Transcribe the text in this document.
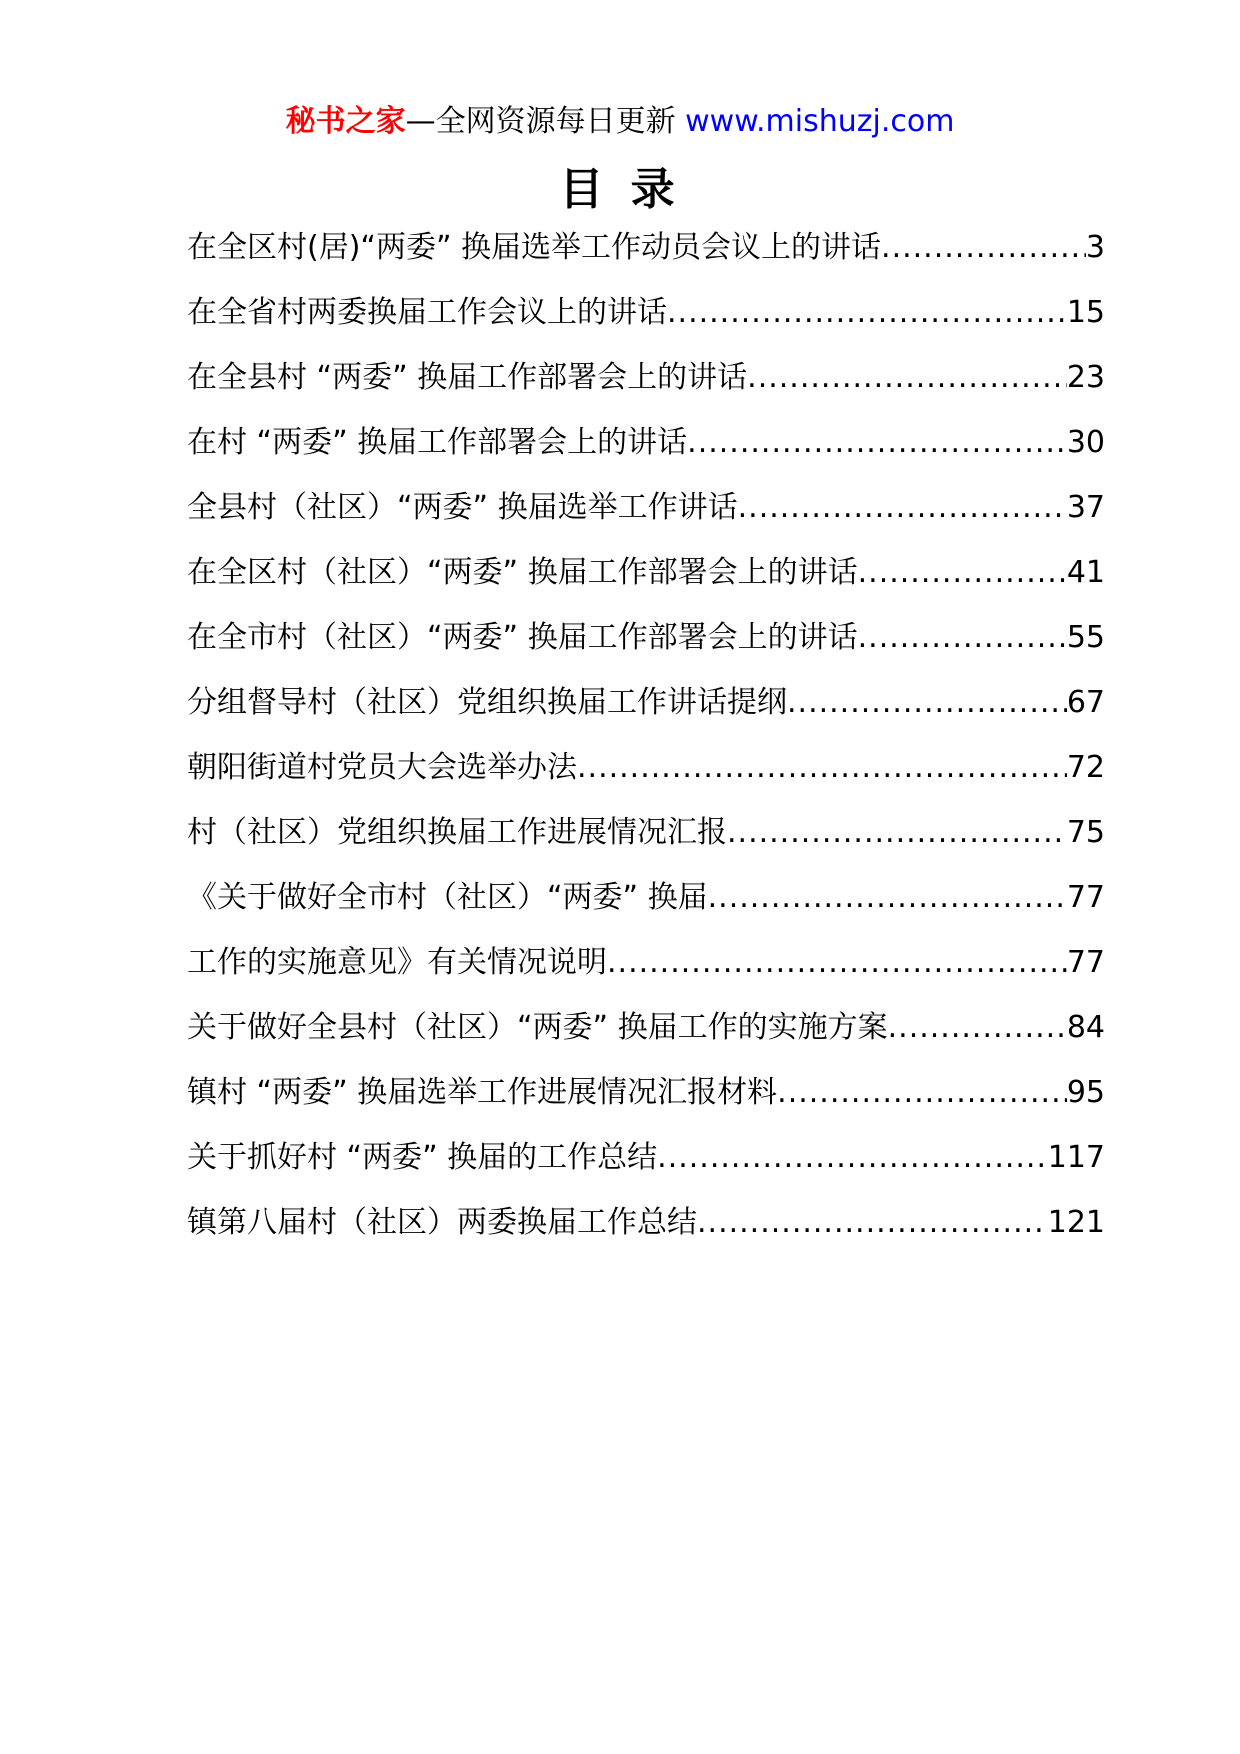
秘书之家—全网资源每日更新 www.mishuzj.com
目 录
在全区村(居)“两委” 换届选举工作动员会议上的讲话 .....	3
在全省村两委换届工作会议上的讲话 .....	15
在全县村 “两委” 换届工作部署会上的讲话 .....	23
在村 “两委” 换届工作部署会上的讲话 .....	30
全县村（社区）“两委” 换届选举工作讲话 .....	37
在全区村（社区）“两委” 换届工作部署会上的讲话 .....	41
在全市村（社区）“两委” 换届工作部署会上的讲话 .....	55
分组督导村（社区）党组织换届工作讲话提纲 .....	67
朝阳街道村党员大会选举办法 .....	72
村（社区）党组织换届工作进展情况汇报 .....	75
《关于做好全市村（社区）“两委” 换届 .....	77
工作的实施意见》有关情况说明 .....	77
关于做好全县村（社区）“两委” 换届工作的实施方案 .....	84
镇村 “两委” 换届选举工作进展情况汇报材料 .....	95
关于抓好村 “两委” 换届的工作总结 .....	117
镇第八届村（社区）两委换届工作总结 .....	121
